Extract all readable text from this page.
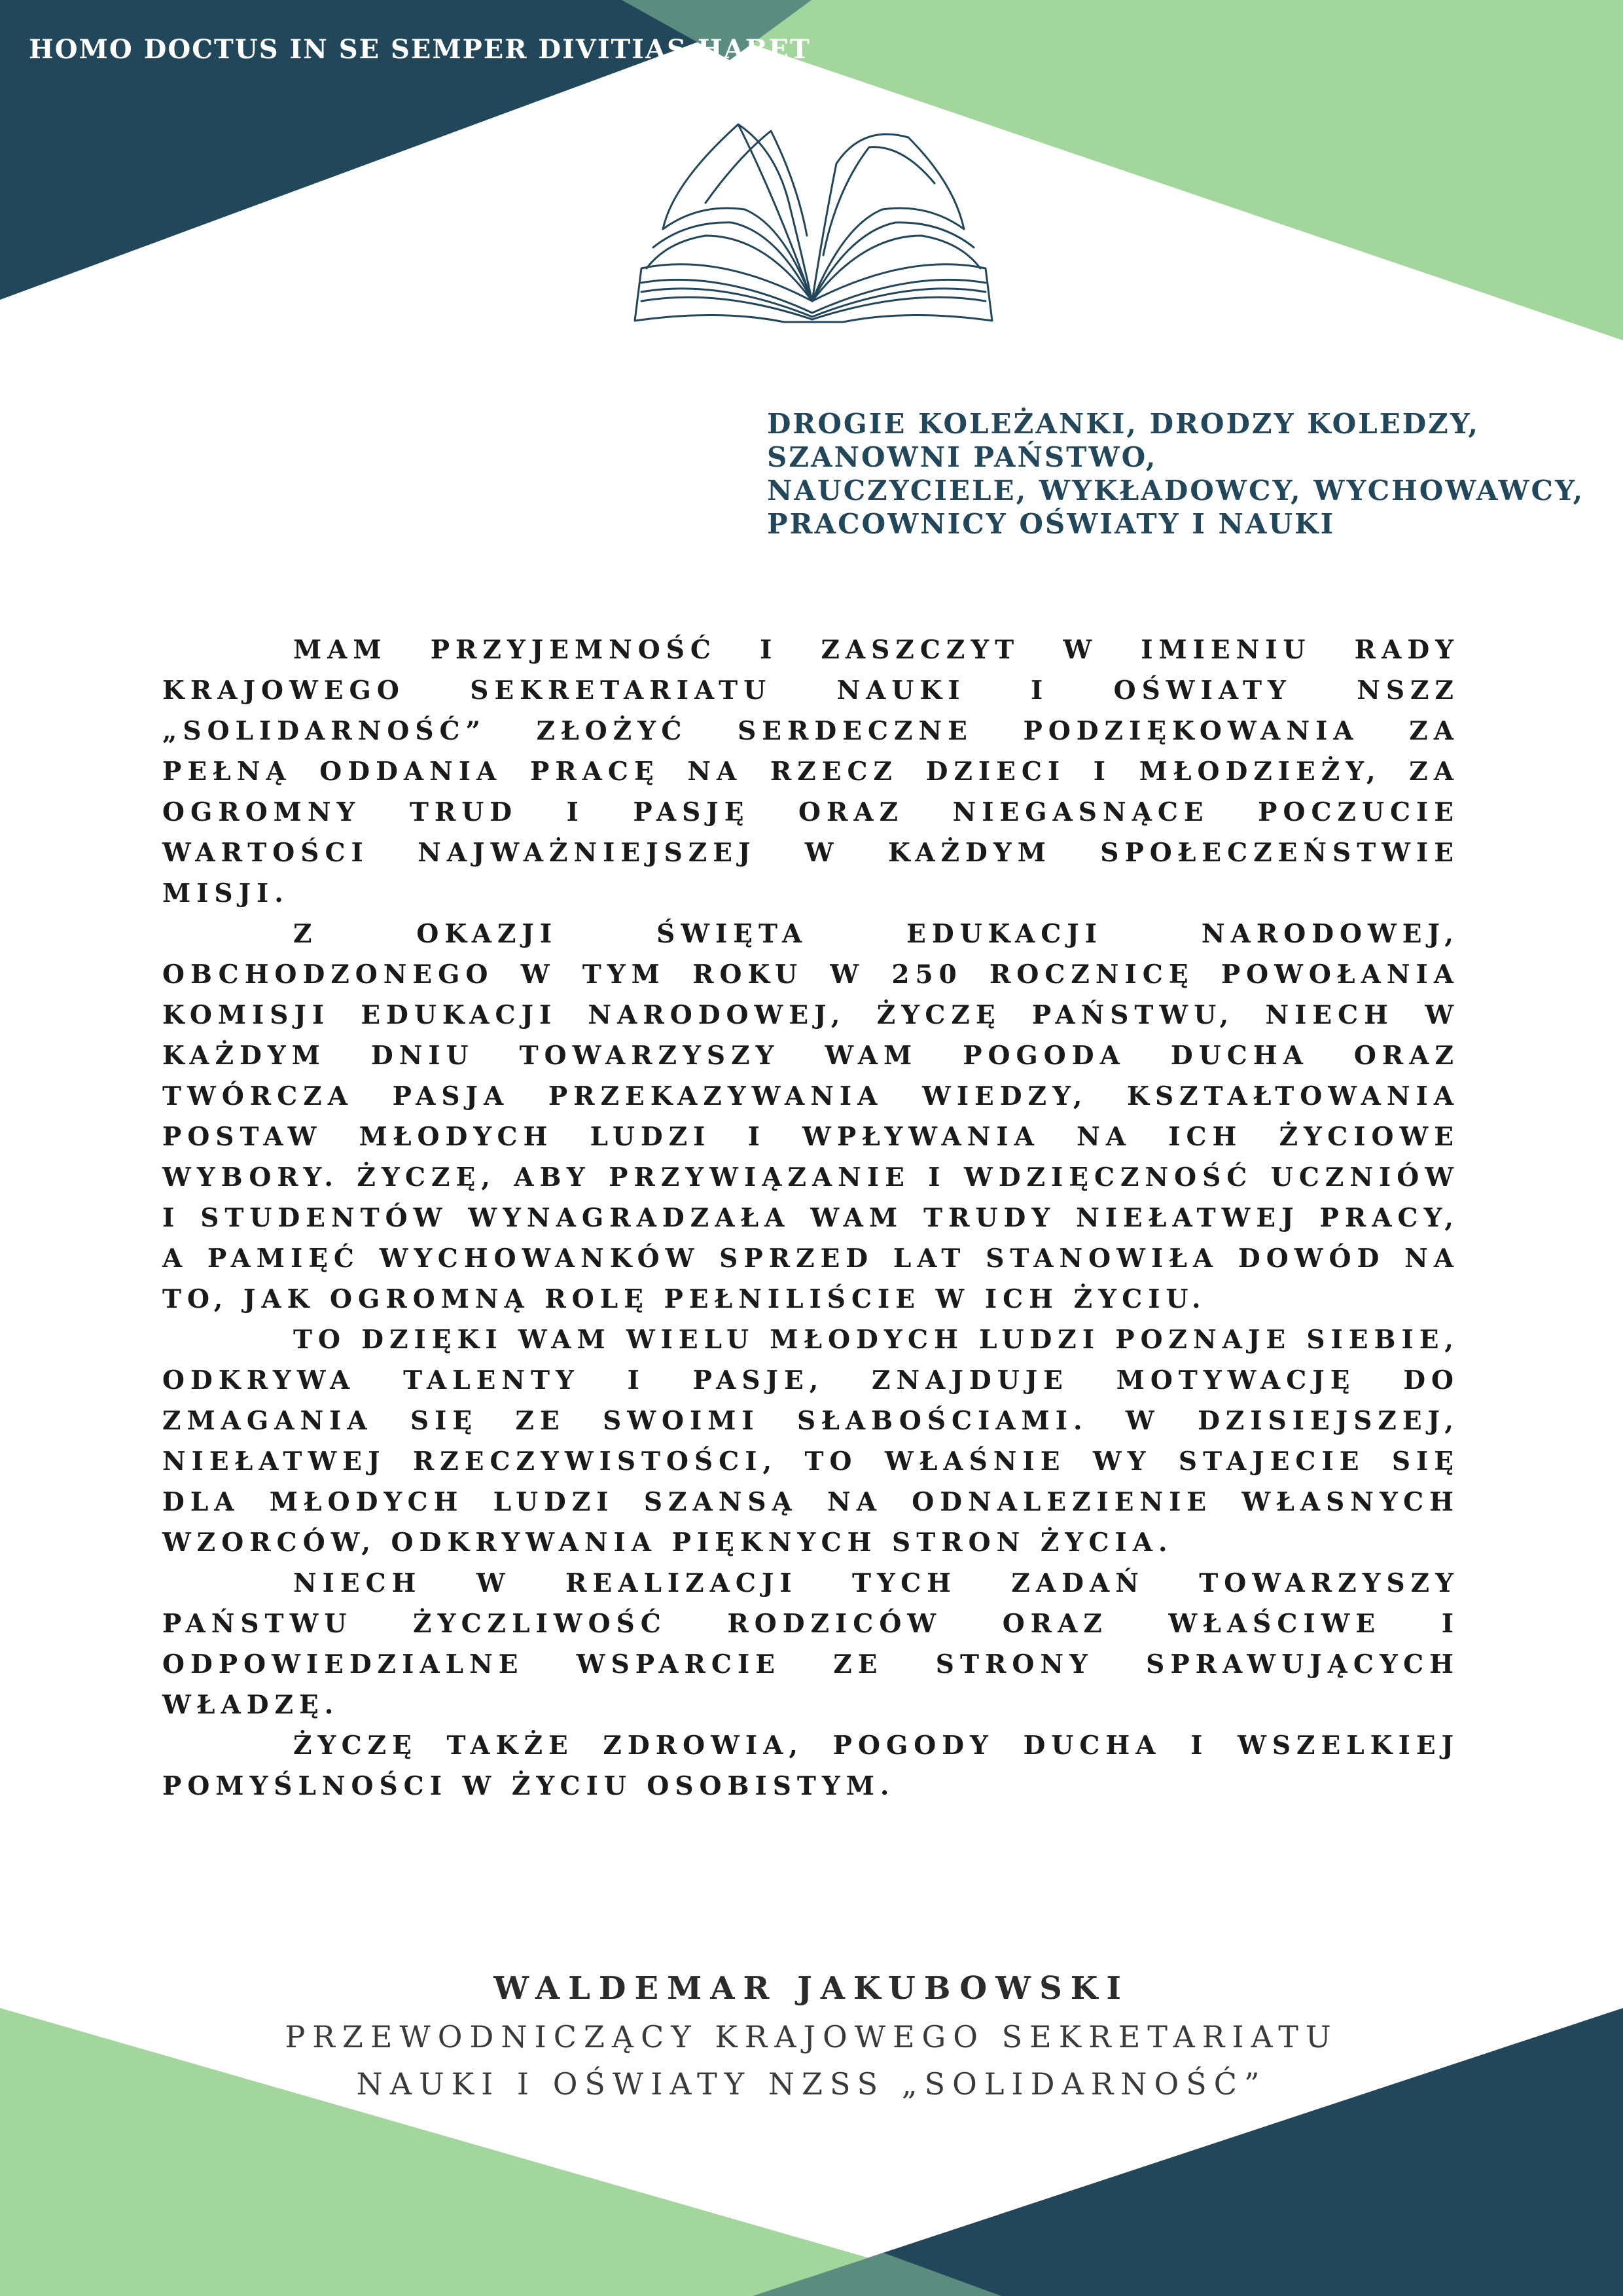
HOMO DOCTUS IN SE SEMPER DIVITIAS HABET
DROGIE KOLEŻANKI, DRODZY KOLEDZY,
SZANOWNI PAŃSTWO,
NAUCZYCIELE, WYKŁADOWCY, WYCHOWAWCY,
PRACOWNICY OŚWIATY I NAUKI

MAM PRZYJEMNOŚĆ I ZASZCZYT W IMIENIU RADY KRAJOWEGO SEKRETARIATU NAUKI I OŚWIATY NSZZ „SOLIDARNOŚĆ” ZŁOŻYĆ SERDECZNE PODZIĘKOWANIA ZA PEŁNĄ ODDANIA PRACĘ NA RZECZ DZIECI I MŁODZIEŻY, ZA OGROMNY TRUD I PASJĘ ORAZ NIEGASNĄCE POCZUCIE WARTOŚCI NAJWAŻNIEJSZEJ W KAŻDYM SPOŁECZEŃSTWIE MISJI.

Z OKAZJI ŚWIĘTA EDUKACJI NARODOWEJ, OBCHODZONEGO W TYM ROKU W 250 ROCZNICĘ POWOŁANIA KOMISJI EDUKACJI NARODOWEJ, ŻYCZĘ PAŃSTWU, NIECH W KAŻDYM DNIU TOWARZYSZY WAM POGODA DUCHA ORAZ TWÓRCZA PASJA PRZEKAZYWANIA WIEDZY, KSZTAŁTOWANIA POSTAW MŁODYCH LUDZI I WPŁYWANIA NA ICH ŻYCIOWE WYBORY. ŻYCZĘ, ABY PRZYWIĄZANIE I WDZIĘCZNOŚĆ UCZNIÓW I STUDENTÓW WYNAGRADZAŁA WAM TRUDY NIEŁATWEJ PRACY, A PAMIĘĆ WYCHOWANKÓW SPRZED LAT STANOWIŁA DOWÓD NA TO, JAK OGROMNĄ ROLĘ PEŁNILIŚCIE W ICH ŻYCIU.

TO DZIĘKI WAM WIELU MŁODYCH LUDZI POZNAJE SIEBIE, ODKRYWA TALENTY I PASJE, ZNAJDUJE MOTYWACJĘ DO ZMAGANIA SIĘ ZE SWOIMI SŁABOŚCIAMI. W DZISIEJSZEJ, NIEŁATWEJ RZECZYWISTOŚCI, TO WŁAŚNIE WY STAJECIE SIĘ DLA MŁODYCH LUDZI SZANSĄ NA ODNALEZIENIE WŁASNYCH WZORCÓW, ODKRYWANIA PIĘKNYCH STRON ŻYCIA.

NIECH W REALIZACJI TYCH ZADAŃ TOWARZYSZY PAŃSTWU ŻYCZLIWOŚĆ RODZICÓW ORAZ WŁAŚCIWE I ODPOWIEDZIALNE WSPARCIE ZE STRONY SPRAWUJĄCYCH WŁADZĘ.

ŻYCZĘ TAKŻE ZDROWIA, POGODY DUCHA I WSZELKIEJ POMYŚLNOŚCI W ŻYCIU OSOBISTYM.

WALDEMAR JAKUBOWSKI
PRZEWODNICZĄCY KRAJOWEGO SEKRETARIATU
NAUKI I OŚWIATY NZSS „SOLIDARNOŚĆ”
